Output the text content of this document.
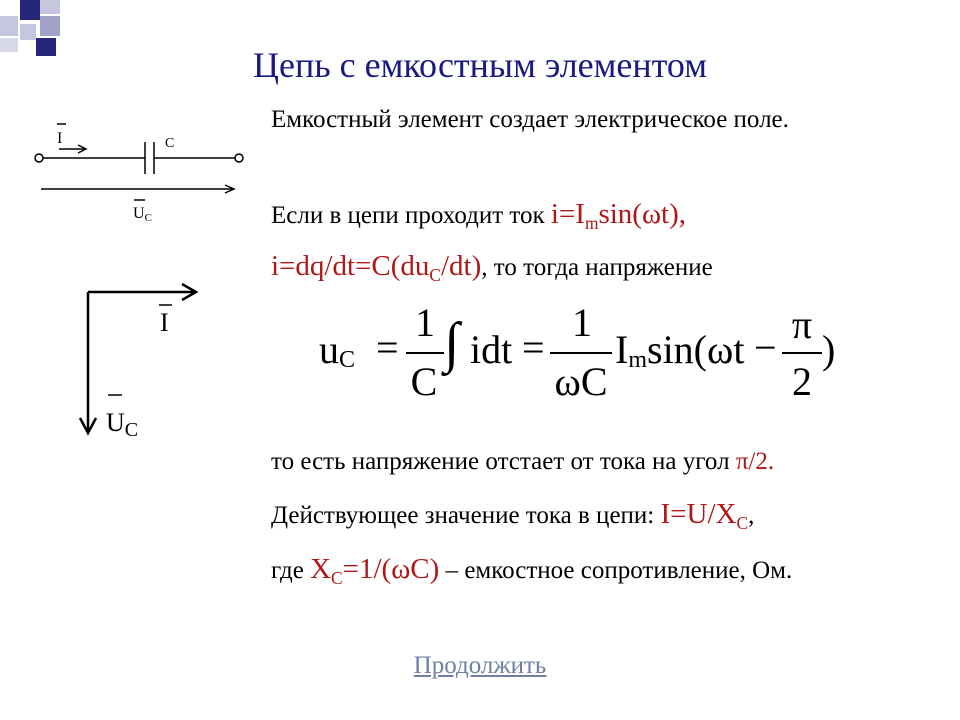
Цепь с емкостным элементом
I	C
UC
I
UC
Емкостный элемент создает электрическое поле.
Если в цепи проходит ток $i=I_m\sin(\omega t)$,
$i=dq/dt=C(du_C/dt)$, то тогда напряжение
uC =
1
C
∫ idt =
1
ωC
Imsin(ωt −
π
2
)
то есть напряжение отстает от тока на угол π/2.
Действующее значение тока в цепи: $I=U/X_C$,
где $X_C=1/(\omega C)$ – емкостное сопротивление, Ом.
Продолжить
